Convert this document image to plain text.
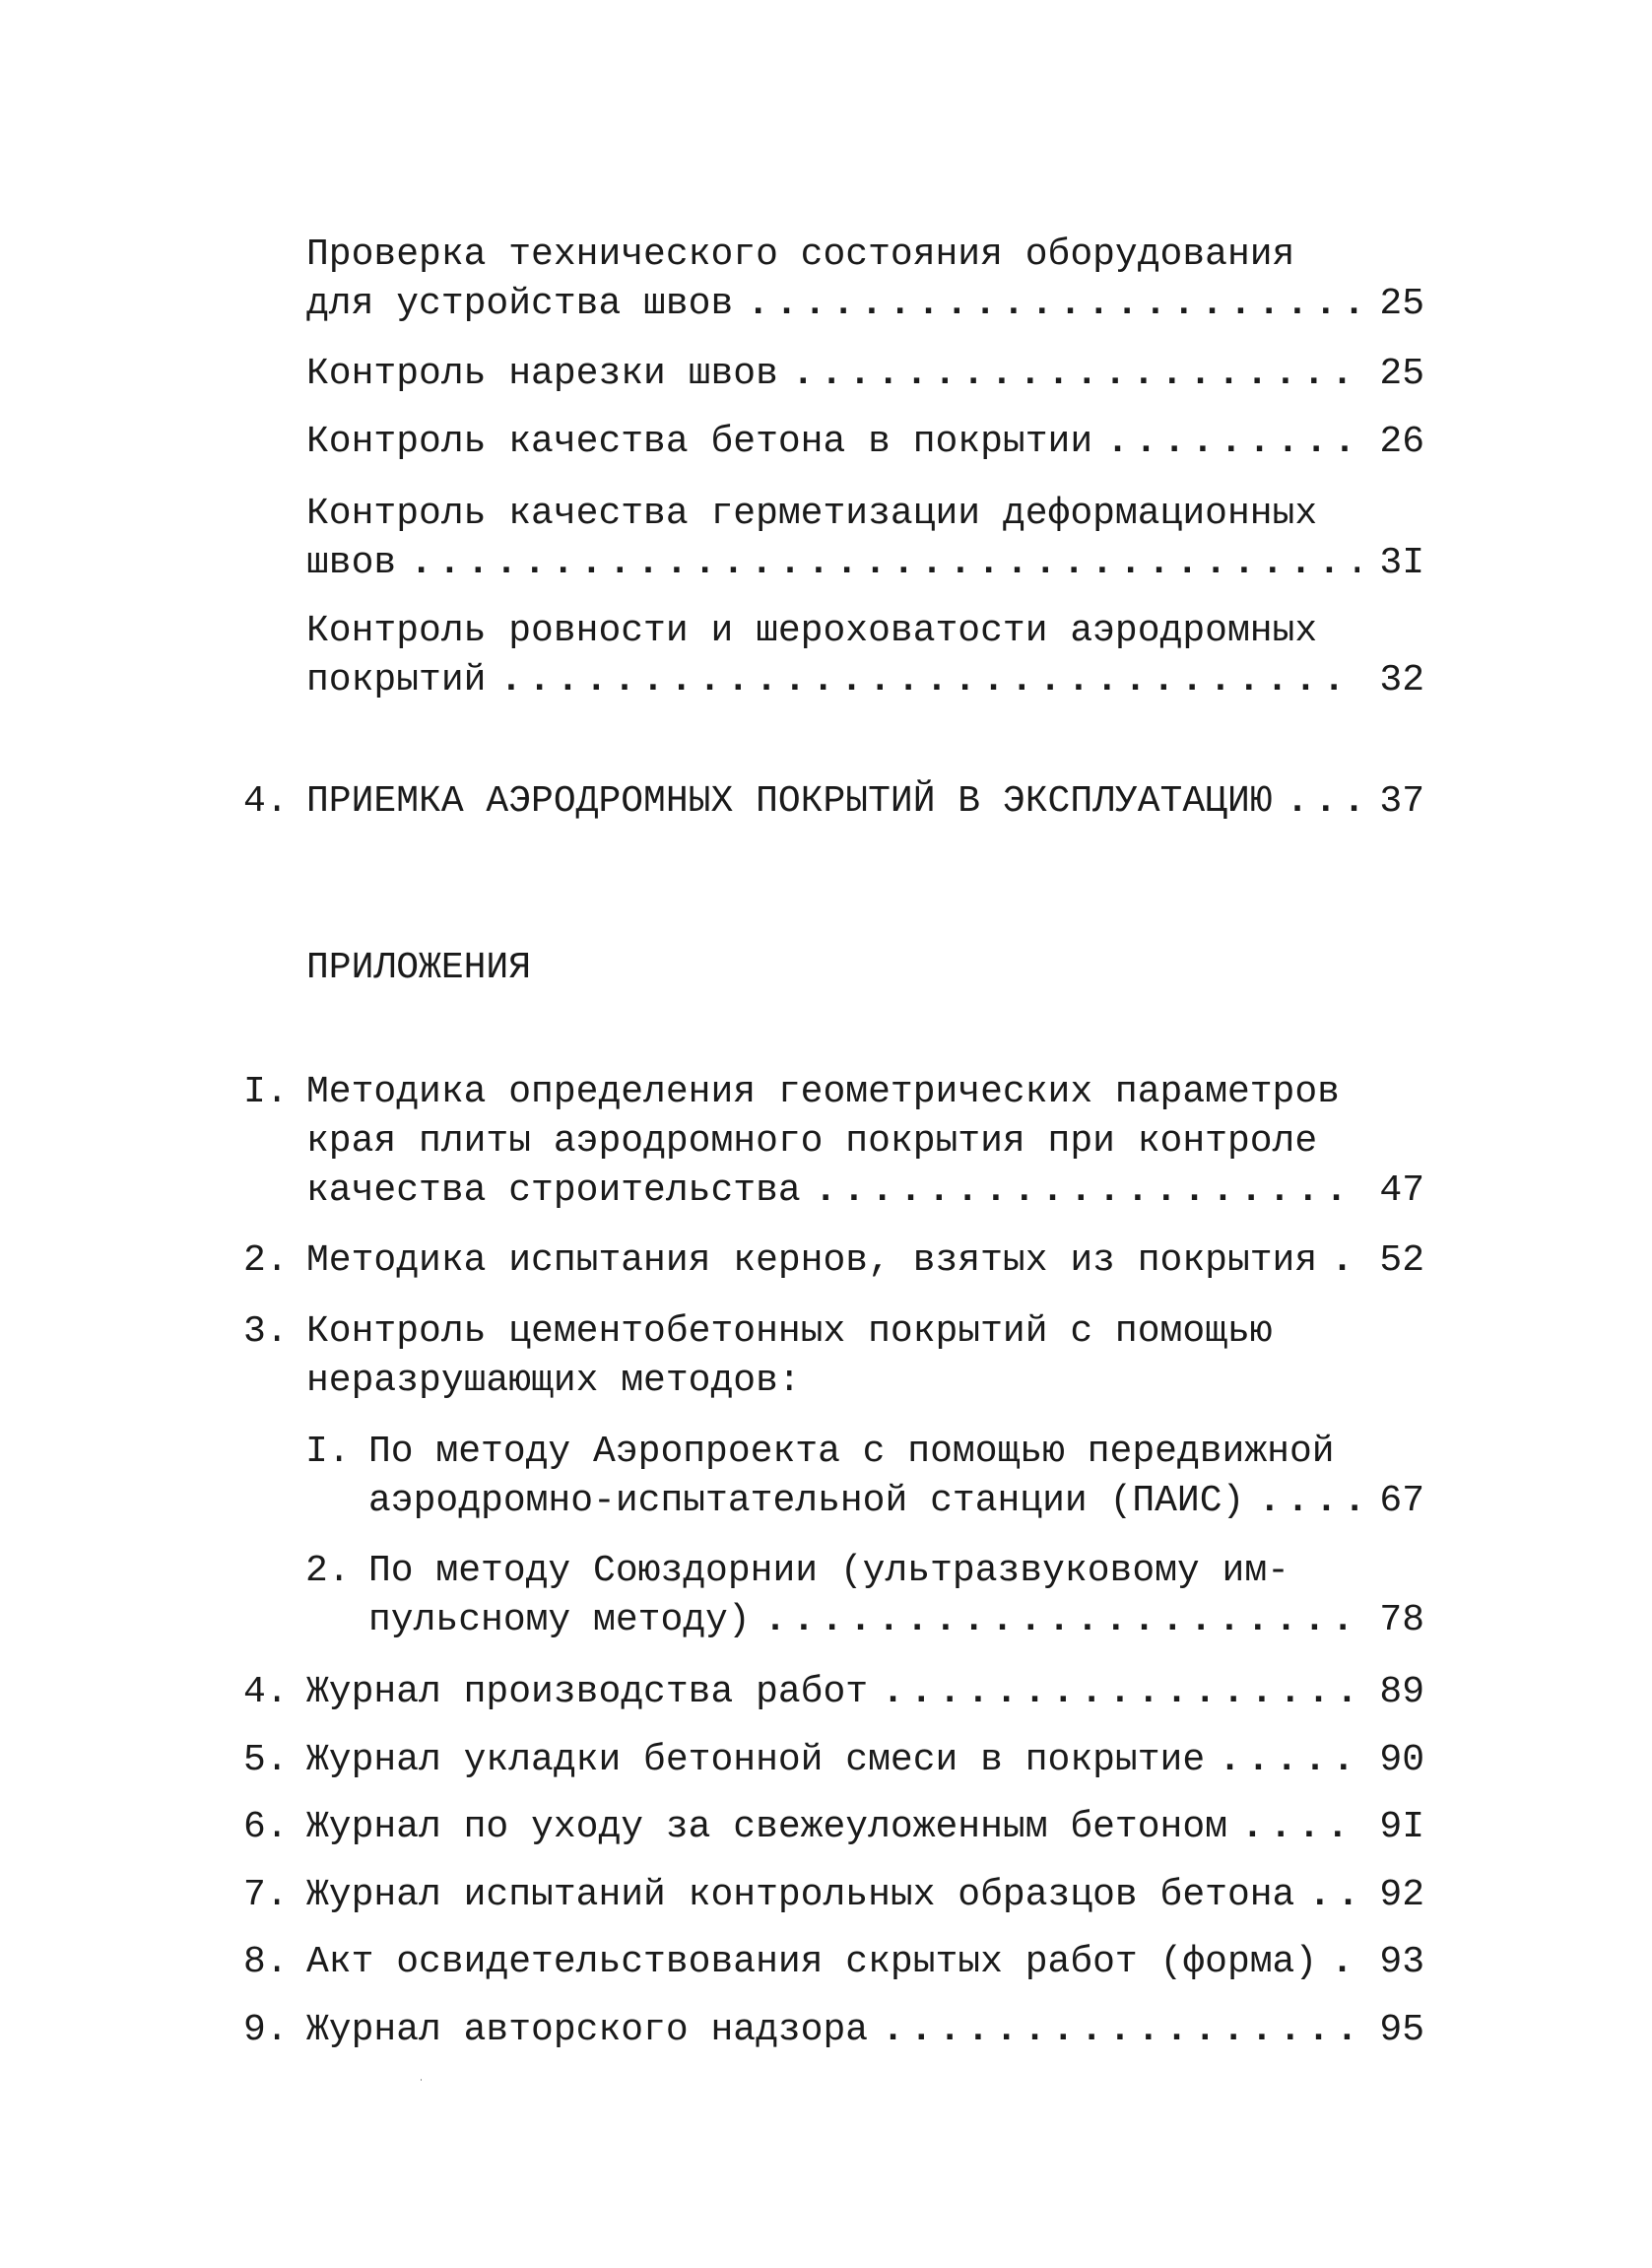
Проверка технического состояния оборудования
для устройства швов .....	25
Контроль нарезки швов .....	25
Контроль качества бетона в покрытии .....	26
Контроль качества герметизации деформационных
швов .....	3I
Контроль ровности и шероховатости аэродромных
покрытий .....	32
4. ПРИЕМКА АЭРОДРОМНЫХ ПОКРЫТИЙ В ЭКСПЛУАТАЦИЮ .....	37
ПРИЛОЖЕНИЯ
I. Методика определения геометрических параметров
края плиты аэродромного покрытия при контроле
качества строительства .....	47
2. Методика испытания кернов, взятых из покрытия ..... 52
3. Контроль цементобетонных покрытий с помощью
неразрушающих методов:
I. По методу Аэропроекта с помощью передвижной
аэродромно-испытательной станции (ПАИС) .....	67
2. По методу Союздорнии (ультразвуковому им-
пульсному методу) .....	78
4. Журнал производства работ .....	89
5. Журнал укладки бетонной смеси в покрытие .....	90
6. Журнал по уходу за свежеуложенным бетоном .....	9I
7. Журнал испытаний контрольных образцов бетона ..... 92
8. Акт освидетельствования скрытых работ (форма) ..... 93
9. Журнал авторского надзора .....	95
